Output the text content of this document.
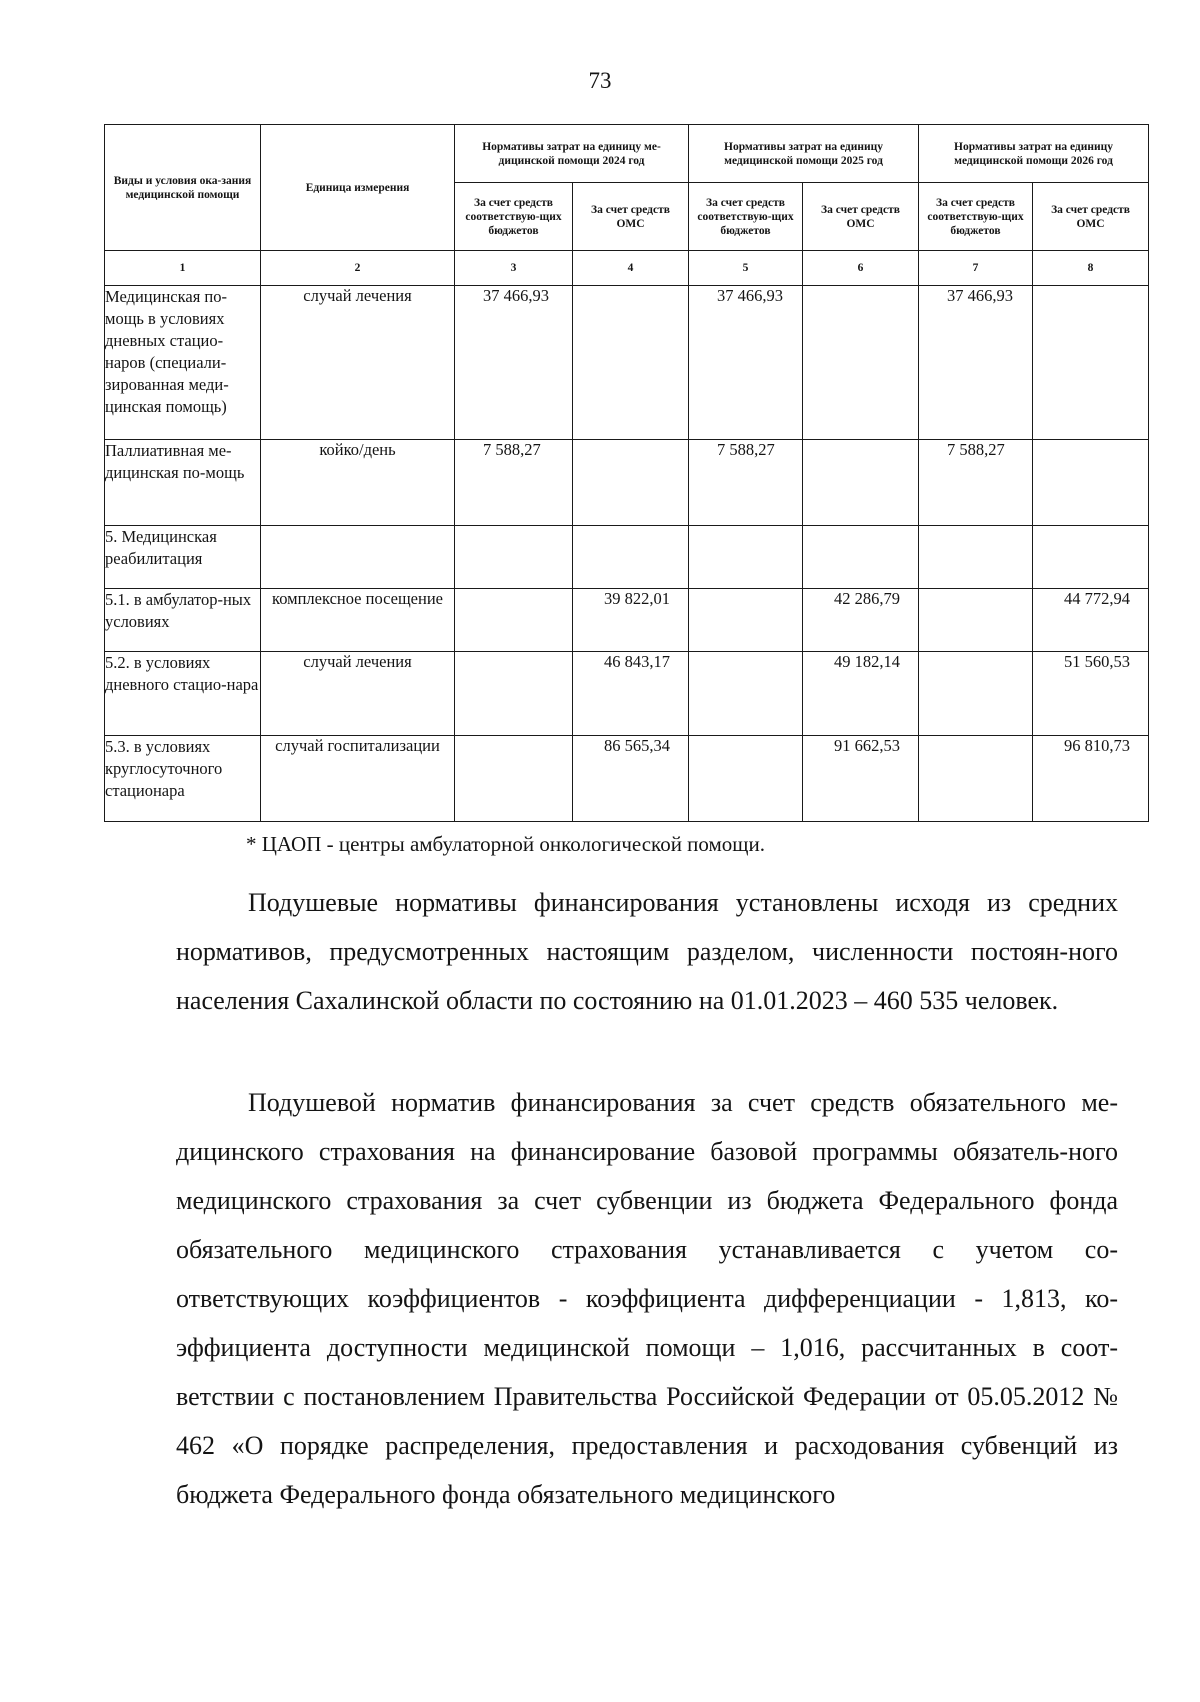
73
Виды и условия ока-зания медицинской помощи	Единица измерения	Нормативы затрат на единицу ме-дицинской помощи 2024 год		Нормативы затрат на единицу медицинской помощи 2025 год		Нормативы затрат на единицу медицинской помощи 2026 год	

		За счет средств соответствую-щих бюджетов	За счет средств ОМС	За счет средств соответствую-щих бюджетов	За счет средств ОМС	За счет средств соответствую-щих бюджетов	За счет средств ОМС

1	2	3	4	5	6	7	8
Медицинская по-мощь в условиях дневных стацио-наров (специали-зированная меди-цинская помощь)	случай лечения	37 466,93		37 466,93		37 466,93	
Паллиативная ме-дицинская по-мощь	койко/день	7 588,27		7 588,27		7 588,27	
5. Медицинская реабилитация							
5.1. в амбулатор-ных условиях	комплексное посещение		39 822,01		42 286,79		44 772,94
5.2. в условиях дневного стацио-нара	случай лечения		46 843,17		49 182,14		51 560,53
5.3. в условиях круглосуточного стационара	случай госпитализации		86 565,34		91 662,53		96 810,73
* ЦАОП - центры амбулаторной онкологической помощи.

Подушевые нормативы финансирования установлены исходя из средних нормативов, предусмотренных настоящим разделом, численности постоян-ного населения Сахалинской области по состоянию на 01.01.2023 – 460 535 человек.

Подушевой норматив финансирования за счет средств обязательного ме-дицинского страхования на финансирование базовой программы обязатель-ного медицинского страхования за счет субвенции из бюджета Федерального фонда обязательного медицинского страхования устанавливается с учетом со-ответствующих коэффициентов - коэффициента дифференциации - 1,813, ко-эффициента доступности медицинской помощи – 1,016, рассчитанных в соот-ветствии с постановлением Правительства Российской Федерации от 05.05.2012 № 462 «О порядке распределения, предоставления и расходования субвенций из бюджета Федерального фонда обязательного медицинского
